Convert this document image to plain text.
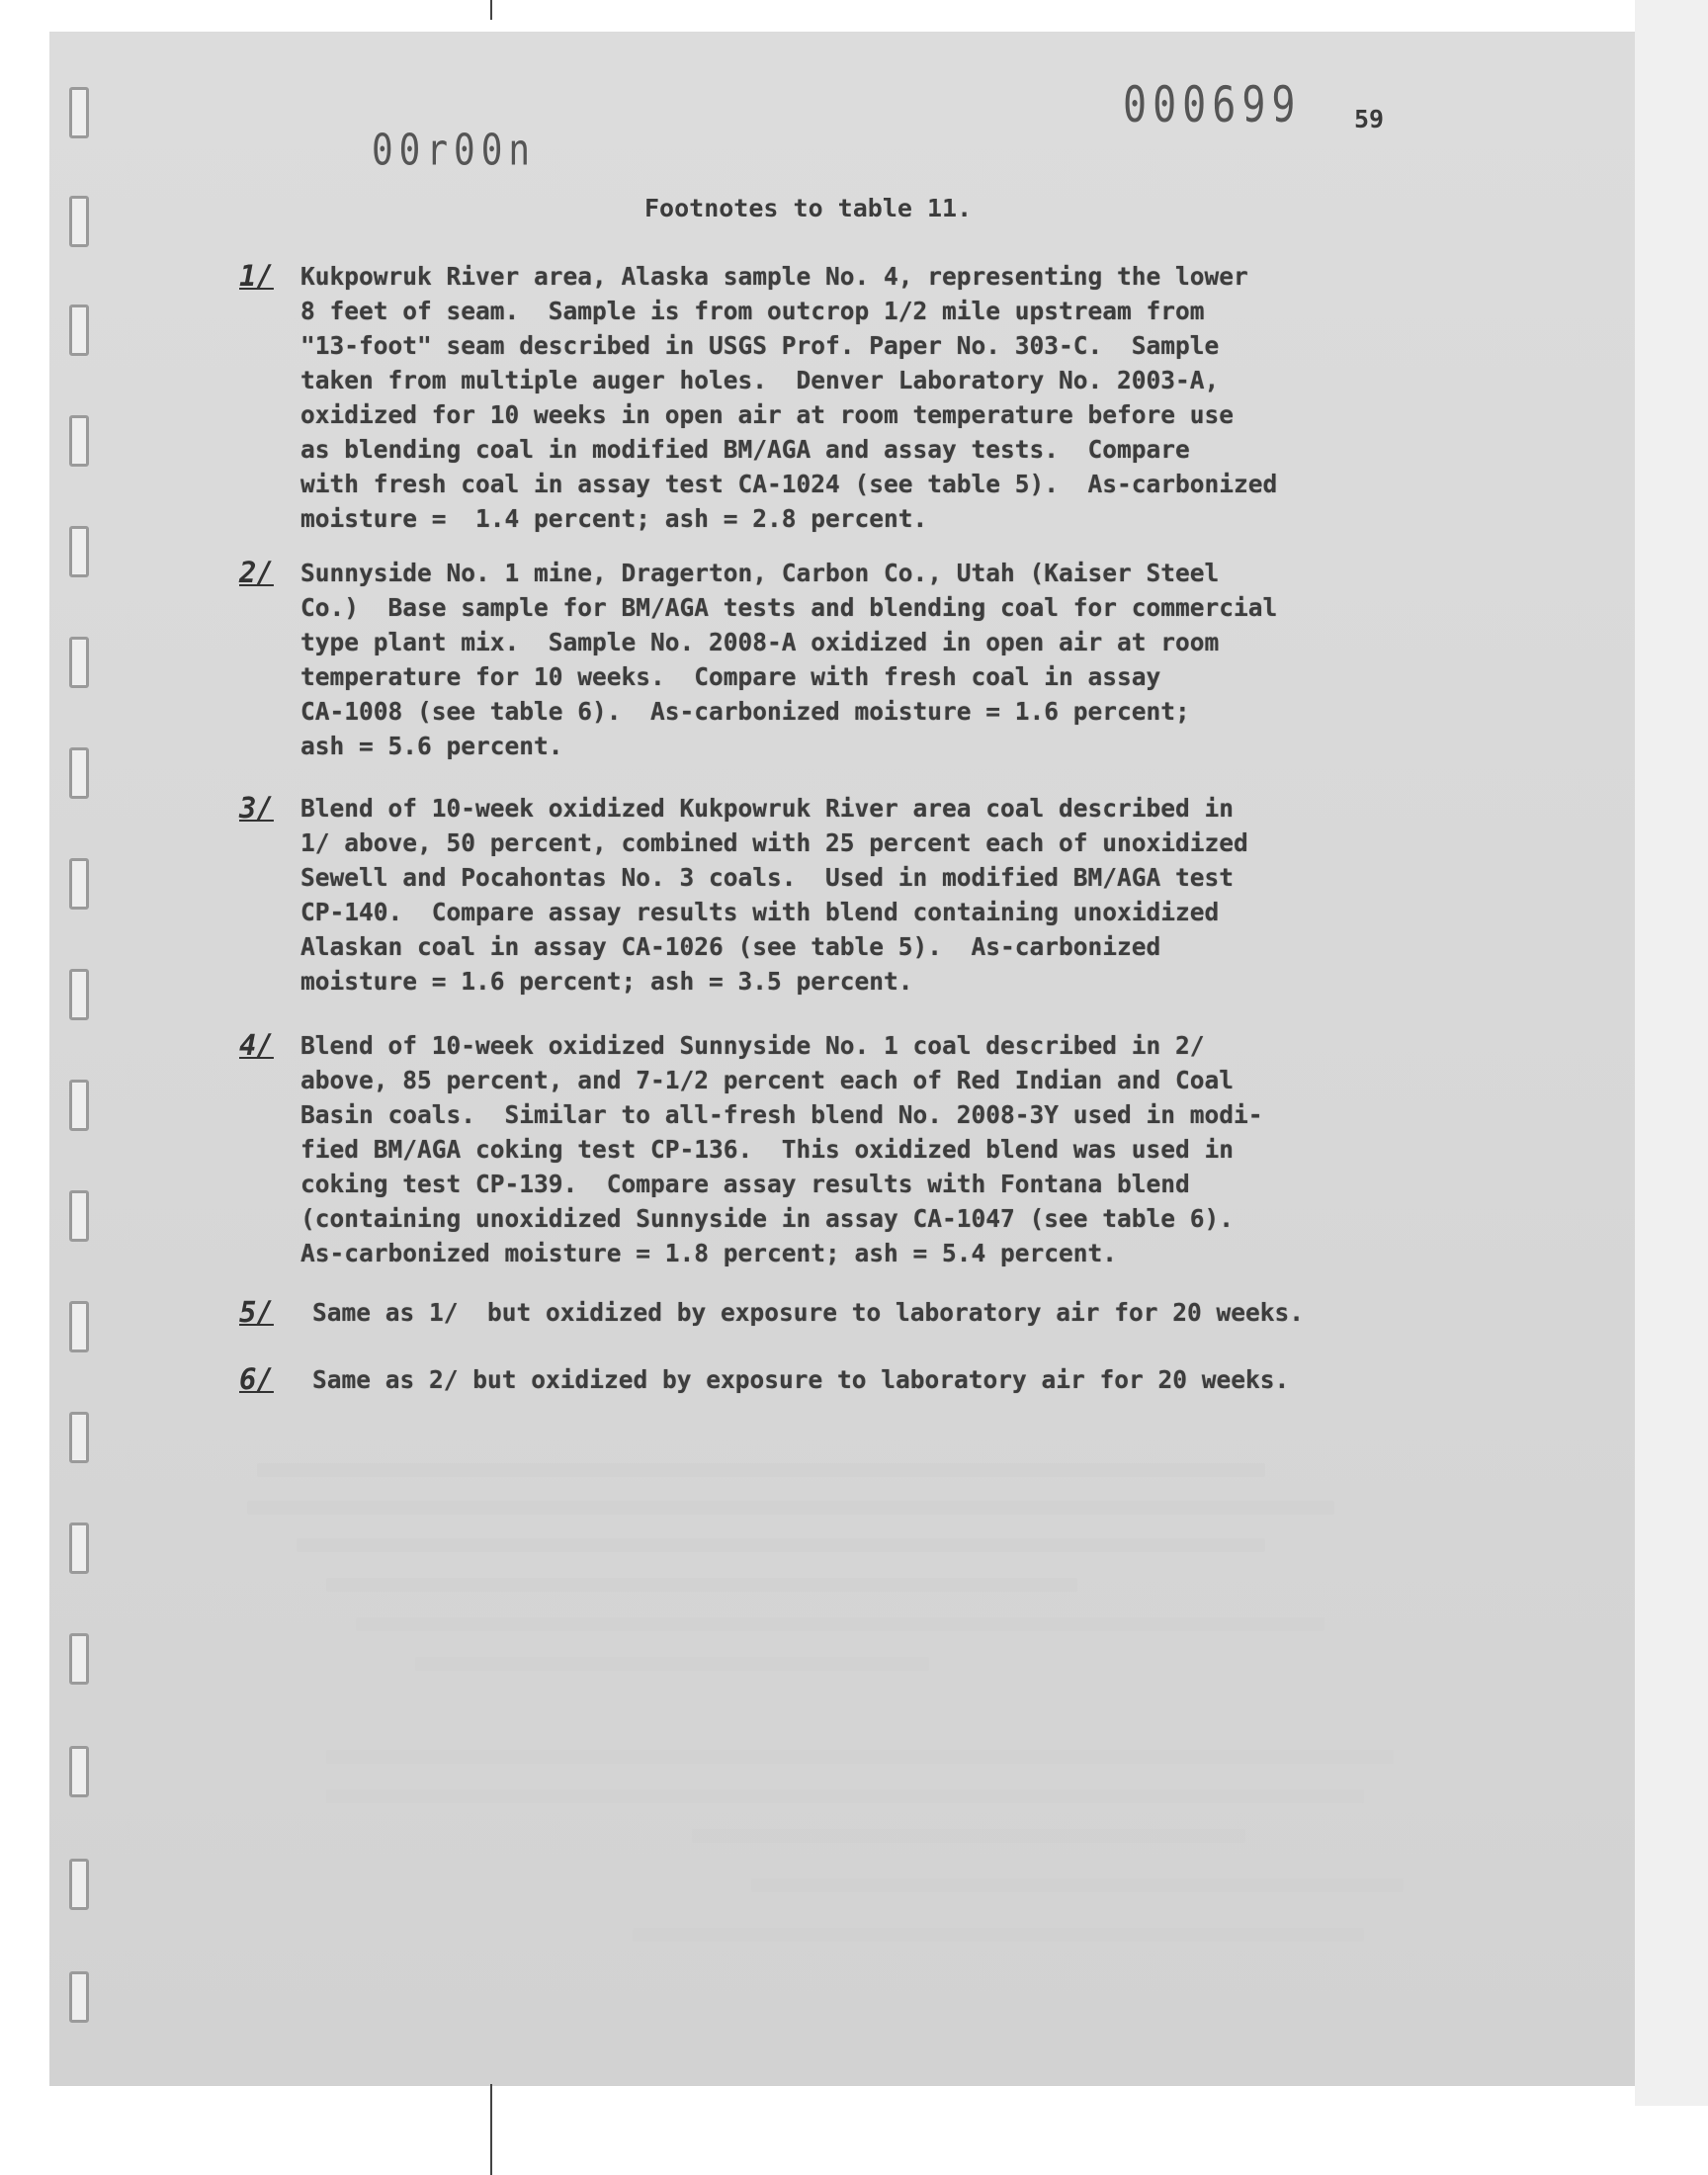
000699
00r00n
59
Footnotes to table 11.
1/ Kukpowruk River area, Alaska sample No. 4, representing the lower
8 feet of seam.  Sample is from outcrop 1/2 mile upstream from
"13-foot" seam described in USGS Prof. Paper No. 303-C.  Sample
taken from multiple auger holes.  Denver Laboratory No. 2003-A,
oxidized for 10 weeks in open air at room temperature before use
as blending coal in modified BM/AGA and assay tests.  Compare
with fresh coal in assay test CA-1024 (see table 5).  As-carbonized
moisture =  1.4 percent; ash = 2.8 percent.
2/ Sunnyside No. 1 mine, Dragerton, Carbon Co., Utah (Kaiser Steel
Co.)  Base sample for BM/AGA tests and blending coal for commercial
type plant mix.  Sample No. 2008-A oxidized in open air at room
temperature for 10 weeks.  Compare with fresh coal in assay
CA-1008 (see table 6).  As-carbonized moisture = 1.6 percent;
ash = 5.6 percent.
3/ Blend of 10-week oxidized Kukpowruk River area coal described in
1/ above, 50 percent, combined with 25 percent each of unoxidized
Sewell and Pocahontas No. 3 coals.  Used in modified BM/AGA test
CP-140.  Compare assay results with blend containing unoxidized
Alaskan coal in assay CA-1026 (see table 5).  As-carbonized
moisture = 1.6 percent; ash = 3.5 percent.
4/ Blend of 10-week oxidized Sunnyside No. 1 coal described in 2/
above, 85 percent, and 7-1/2 percent each of Red Indian and Coal
Basin coals.  Similar to all-fresh blend No. 2008-3Y used in modi-
fied BM/AGA coking test CP-136.  This oxidized blend was used in
coking test CP-139.  Compare assay results with Fontana blend
(containing unoxidized Sunnyside in assay CA-1047 (see table 6).
As-carbonized moisture = 1.8 percent; ash = 5.4 percent.
5/ Same as 1/  but oxidized by exposure to laboratory air for 20 weeks.
6/ Same as 2/ but oxidized by exposure to laboratory air for 20 weeks.
